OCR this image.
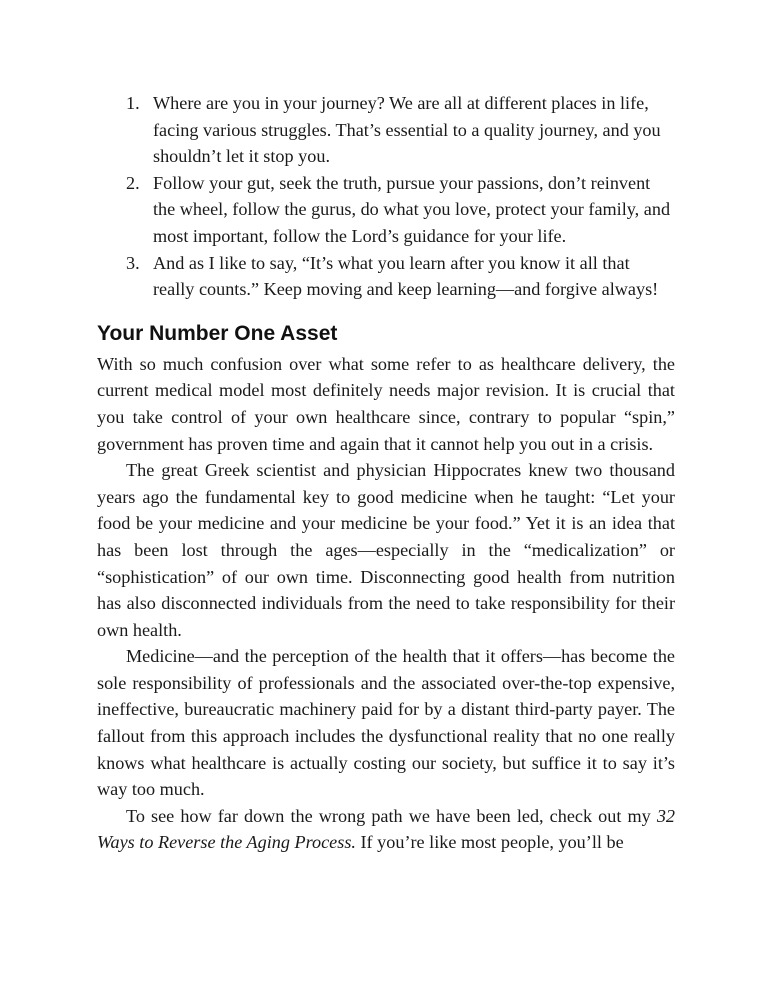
1. Where are you in your journey? We are all at different places in life, facing various struggles. That’s essential to a quality journey, and you shouldn’t let it stop you.
2. Follow your gut, seek the truth, pursue your passions, don’t reinvent the wheel, follow the gurus, do what you love, protect your family, and most important, follow the Lord’s guidance for your life.
3. And as I like to say, “It’s what you learn after you know it all that really counts.” Keep moving and keep learning—and forgive always!
Your Number One Asset

With so much confusion over what some refer to as healthcare delivery, the current medical model most definitely needs major revision. It is crucial that you take control of your own healthcare since, contrary to popular “spin,” government has proven time and again that it cannot help you out in a crisis.

The great Greek scientist and physician Hippocrates knew two thousand years ago the fundamental key to good medicine when he taught: “Let your food be your medicine and your medicine be your food.” Yet it is an idea that has been lost through the ages—especially in the “medicalization” or “sophistication” of our own time. Disconnecting good health from nutrition has also disconnected individuals from the need to take responsibility for their own health.

Medicine—and the perception of the health that it offers—has become the sole responsibility of professionals and the associated over-the-top expensive, ineffective, bureaucratic machinery paid for by a distant third-party payer. The fallout from this approach includes the dysfunctional reality that no one really knows what healthcare is actually costing our society, but suffice it to say it’s way too much.

To see how far down the wrong path we have been led, check out my 32 Ways to Reverse the Aging Process. If you’re like most people, you’ll be
